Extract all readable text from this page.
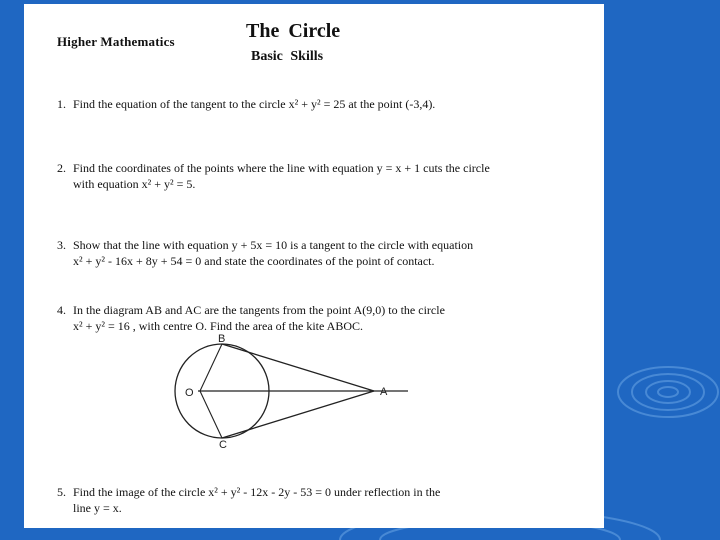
Higher Mathematics	The Circle
Basic Skills
1. Find the equation of the tangent to the circle x² + y² = 25 at the point (-3,4).
2. Find the coordinates of the points where the line with equation y = x + 1 cuts the circle
with equation x² + y² = 5.
3. Show that the line with equation y + 5x = 10 is a tangent to the circle with equation
x² + y² - 16x + 8y + 54 = 0 and state the coordinates of the point of contact.
4. In the diagram AB and AC are the tangents from the point A(9,0) to the circle
x² + y² = 16 , with centre O. Find the area of the kite ABOC.
B
O	A
C
5. Find the image of the circle x² + y² - 12x - 2y - 53 = 0 under reflection in the
line y = x.
